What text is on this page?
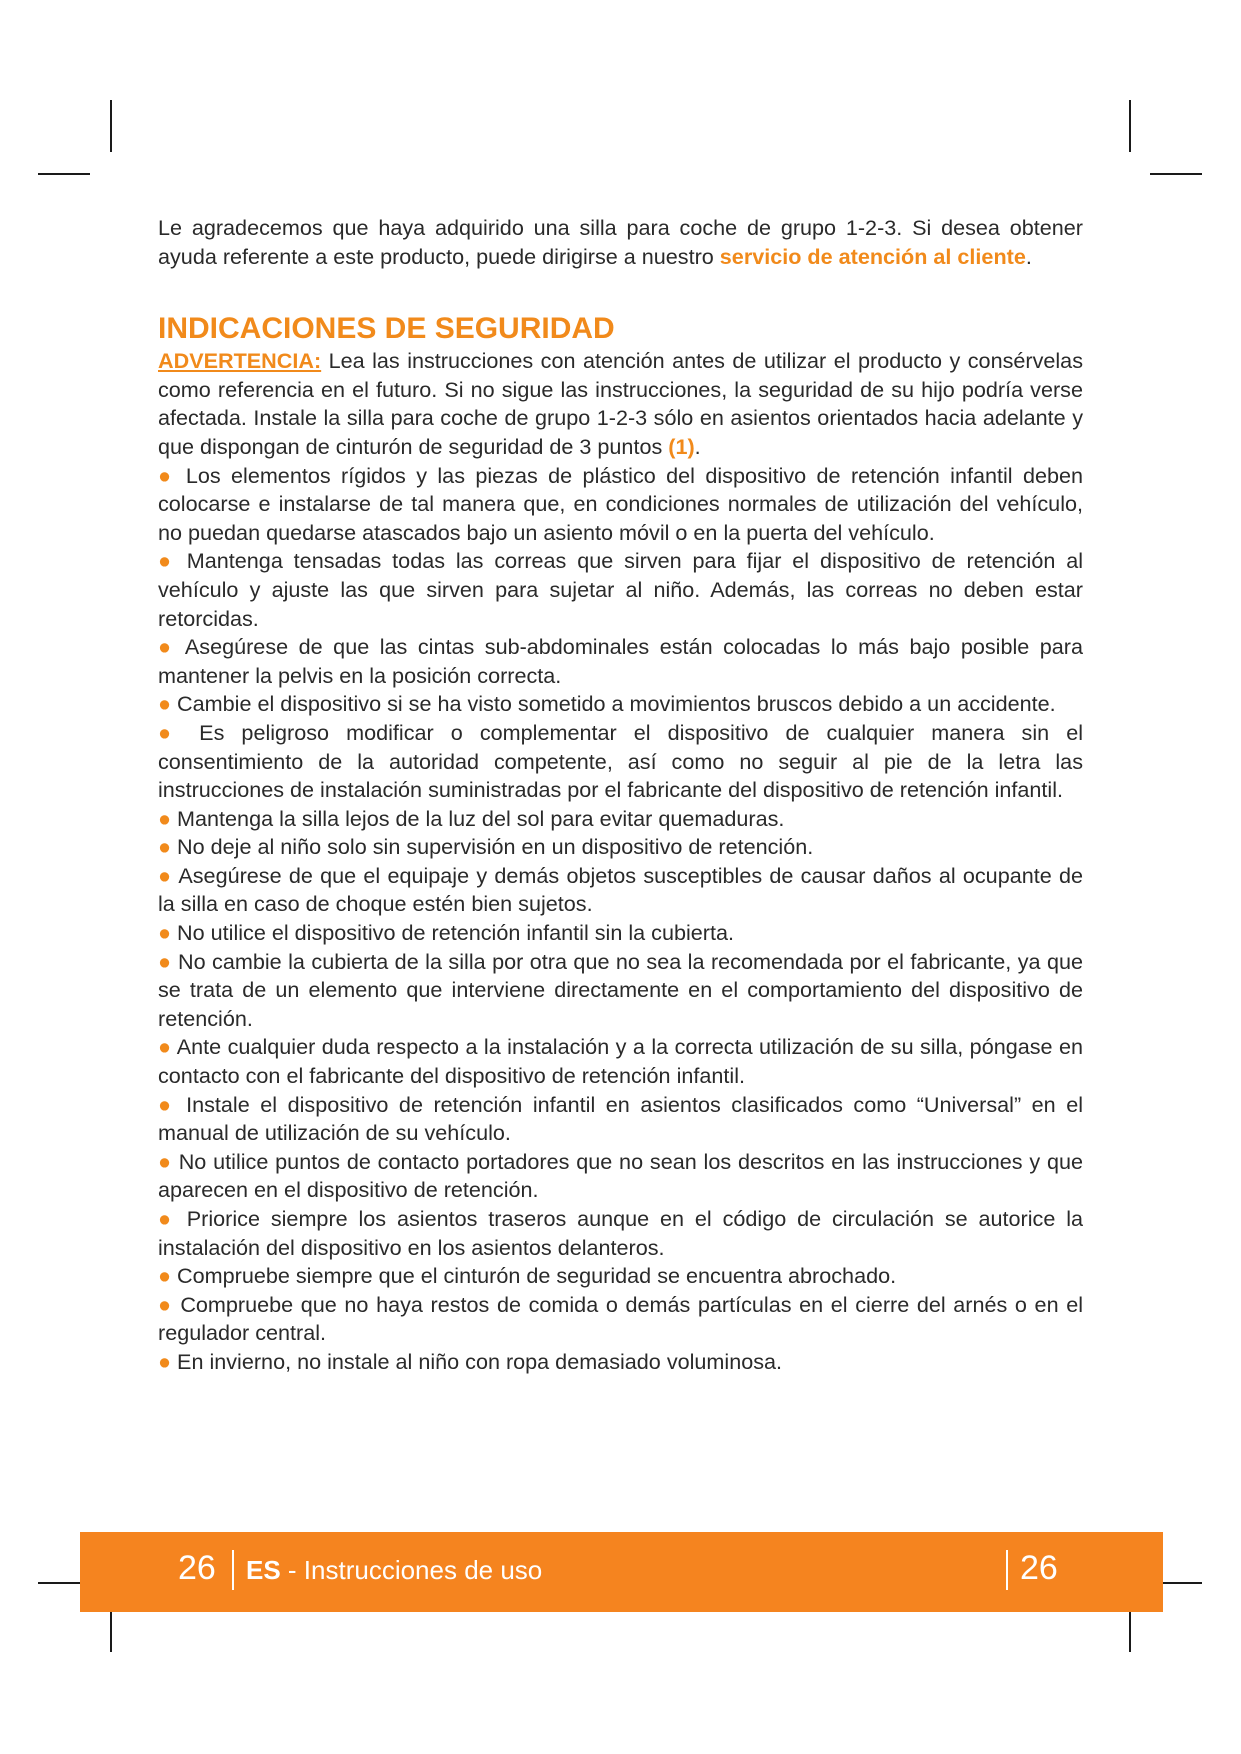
Le agradecemos que haya adquirido una silla para coche de grupo 1-2-3. Si desea obtener ayuda referente a este producto, puede dirigirse a nuestro servicio de atención al cliente.

INDICACIONES DE SEGURIDAD

ADVERTENCIA: Lea las instrucciones con atención antes de utilizar el producto y consérvelas como referencia en el futuro. Si no sigue las instrucciones, la seguridad de su hijo podría verse afectada. Instale la silla para coche de grupo 1-2-3 sólo en asientos orientados hacia adelante y que dispongan de cinturón de seguridad de 3 puntos (1).

● Los elementos rígidos y las piezas de plástico del dispositivo de retención infantil deben colocarse e instalarse de tal manera que, en condiciones normales de utilización del vehículo, no puedan quedarse atascados bajo un asiento móvil o en la puerta del vehículo.

● Mantenga tensadas todas las correas que sirven para fijar el dispositivo de retención al vehículo y ajuste las que sirven para sujetar al niño. Además, las correas no deben estar retorcidas.

● Asegúrese de que las cintas sub-abdominales están colocadas lo más bajo posible para mantener la pelvis en la posición correcta.

● Cambie el dispositivo si se ha visto sometido a movimientos bruscos debido a un accidente.

● Es peligroso modificar o complementar el dispositivo de cualquier manera sin el consentimiento de la autoridad competente, así como no seguir al pie de la letra las instrucciones de instalación suministradas por el fabricante del dispositivo de retención infantil.

● Mantenga la silla lejos de la luz del sol para evitar quemaduras.

● No deje al niño solo sin supervisión en un dispositivo de retención.

● Asegúrese de que el equipaje y demás objetos susceptibles de causar daños al ocupante de la silla en caso de choque estén bien sujetos.

● No utilice el dispositivo de retención infantil sin la cubierta.

● No cambie la cubierta de la silla por otra que no sea la recomendada por el fabricante, ya que se trata de un elemento que interviene directamente en el comportamiento del dispositivo de retención.

● Ante cualquier duda respecto a la instalación y a la correcta utilización de su silla, póngase en contacto con el fabricante del dispositivo de retención infantil.

● Instale el dispositivo de retención infantil en asientos clasificados como “Universal” en el manual de utilización de su vehículo.

● No utilice puntos de contacto portadores que no sean los descritos en las instrucciones y que aparecen en el dispositivo de retención.

● Priorice siempre los asientos traseros aunque en el código de circulación se autorice la instalación del dispositivo en los asientos delanteros.

● Compruebe siempre que el cinturón de seguridad se encuentra abrochado.

● Compruebe que no haya restos de comida o demás partículas en el cierre del arnés o en el regulador central.

● En invierno, no instale al niño con ropa demasiado voluminosa.

26 ES - Instrucciones de uso	26
